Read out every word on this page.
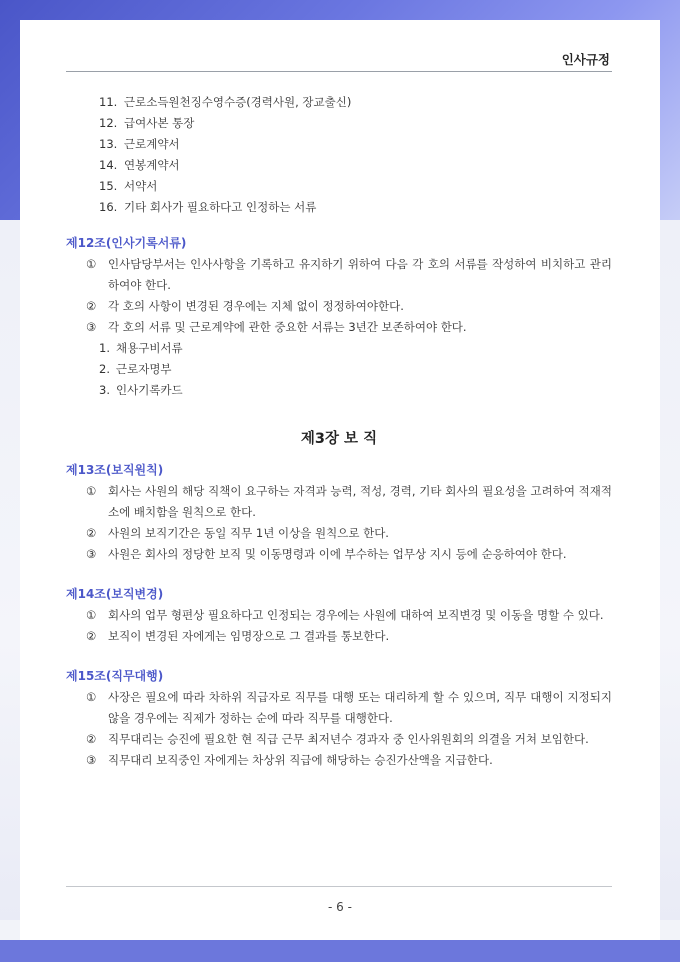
인사규정
11. 근로소득원천징수영수증(경력사원, 장교출신)
12. 급여사본 통장
13. 근로계약서
14. 연봉계약서
15. 서약서
16. 기타 회사가 필요하다고 인정하는 서류
제12조(인사기록서류)
①	인사담당부서는 인사사항을 기록하고 유지하기 위하여 다음 각 호의 서류를 작성하여 비치하고 관리하여야 한다.
②	각 호의 사항이 변경된 경우에는 지체 없이 정정하여야한다.
③	각 호의 서류 및 근로계약에 관한 중요한 서류는 3년간 보존하여야 한다.
1. 채용구비서류
2. 근로자명부
3. 인사기록카드
제3장 보 직
제13조(보직원칙)
①	회사는 사원의 해당 직책이 요구하는 자격과 능력, 적성, 경력, 기타 회사의 필요성을 고려하여 적재적소에 배치함을 원칙으로 한다.
②	사원의 보직기간은 동일 직무 1년 이상을 원칙으로 한다.
③	사원은 회사의 정당한 보직 및 이동명령과 이에 부수하는 업무상 지시 등에 순응하여야 한다.
제14조(보직변경)
①	회사의 업무 형편상 필요하다고 인정되는 경우에는 사원에 대하여 보직변경 및 이동을 명할 수 있다.
②	보직이 변경된 자에게는 임명장으로 그 결과를 통보한다.
제15조(직무대행)
①	사장은 필요에 따라 차하위 직급자로 직무를 대행 또는 대리하게 할 수 있으며, 직무 대행이 지정되지 않을 경우에는 직제가 정하는 순에 따라 직무를 대행한다.
②	직무대리는 승진에 필요한 현 직급 근무 최저년수 경과자 중 인사위원회의 의결을 거쳐 보임한다.
③	직무대리 보직중인 자에게는 차상위 직급에 해당하는 승진가산액을 지급한다.
- 6 -
